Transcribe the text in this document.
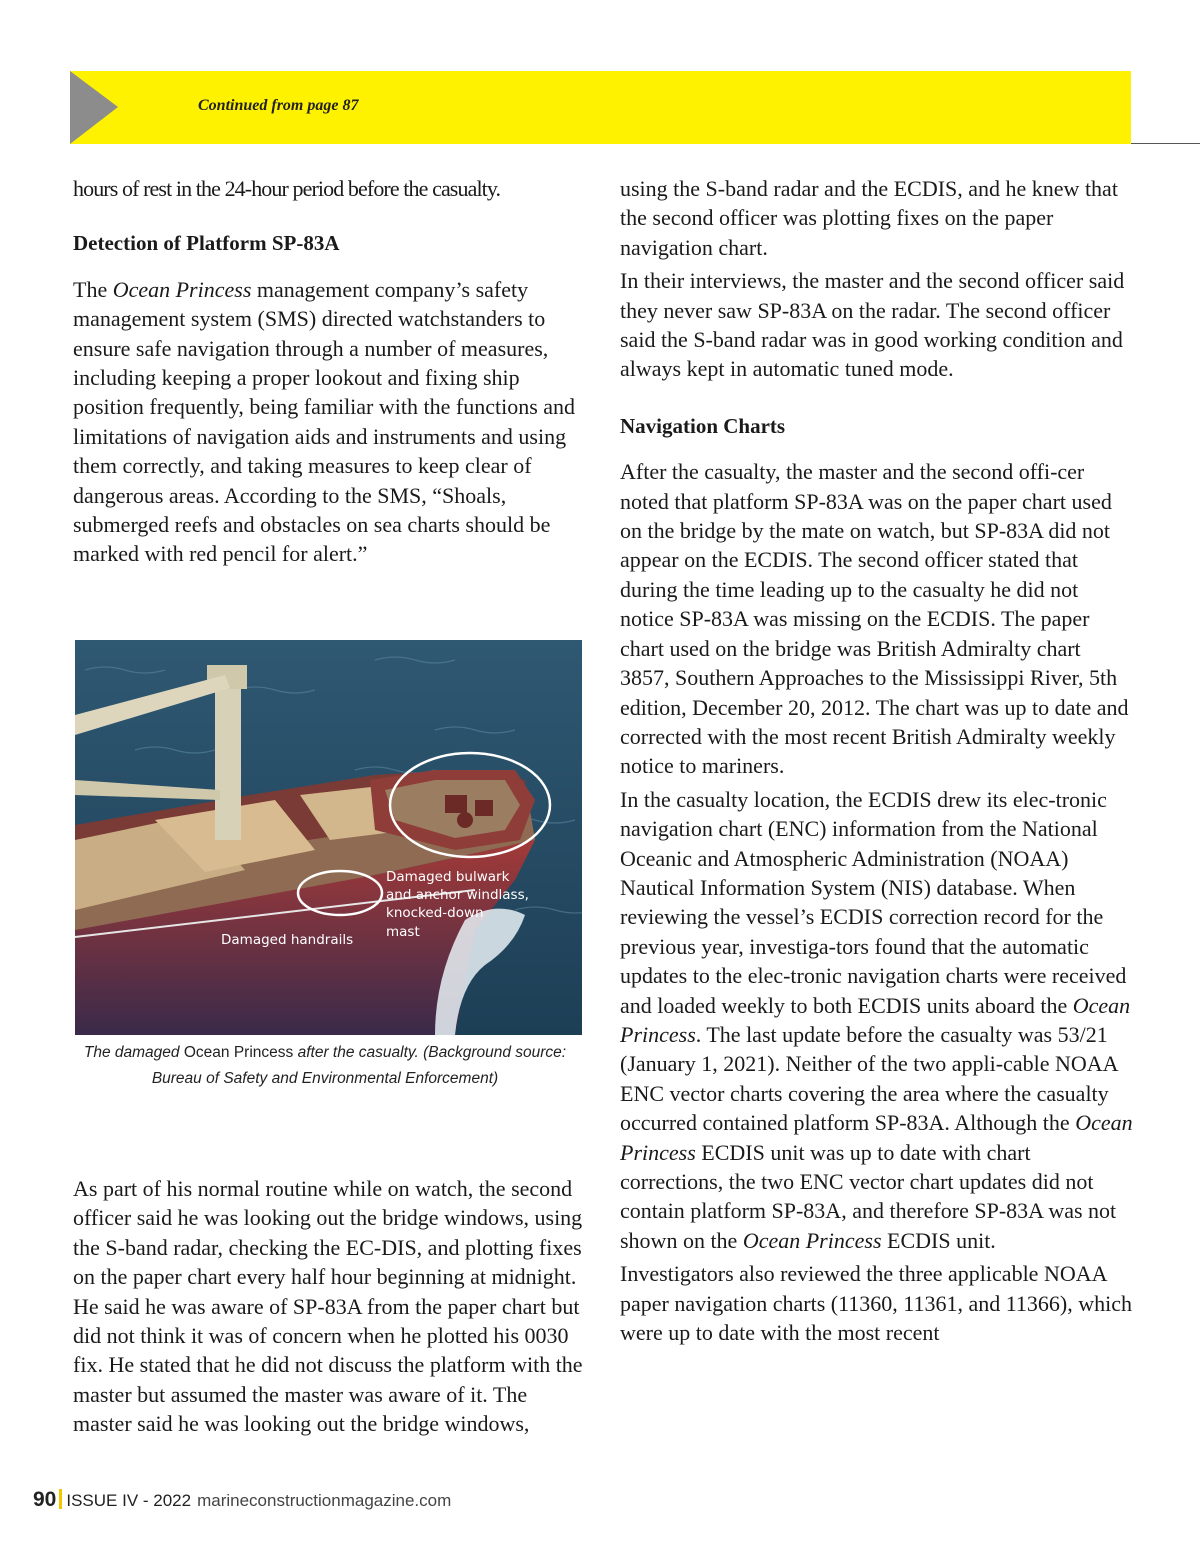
Continued from page 87

hours of rest in the 24-hour period before the casualty.

Detection of Platform SP-83A

The Ocean Princess management company’s safety management system (SMS) directed watchstanders to ensure safe navigation through a number of measures, including keeping a proper lookout and fixing ship position frequently, being familiar with the functions and limitations of navigation aids and instruments and using them correctly, and taking measures to keep clear of dangerous areas. According to the SMS, “Shoals, submerged reefs and obstacles on sea charts should be marked with red pencil for alert.”

Damaged bulwark
and anchor windlass,
knocked-down
mast
Damaged handrails
The damaged Ocean Princess after the casualty. (Background source: Bureau of Safety and Environmental Enforcement)

As part of his normal routine while on watch, the second officer said he was looking out the bridge windows, using the S-band radar, checking the EC-DIS, and plotting fixes on the paper chart every half hour beginning at midnight. He said he was aware of SP-83A from the paper chart but did not think it was of concern when he plotted his 0030 fix. He stated that he did not discuss the platform with the master but assumed the master was aware of it. The master said he was looking out the bridge windows,

using the S-band radar and the ECDIS, and he knew that the second officer was plotting fixes on the paper navigation chart.

In their interviews, the master and the second officer said they never saw SP-83A on the radar. The second officer said the S-band radar was in good working condition and always kept in automatic tuned mode.

Navigation Charts

After the casualty, the master and the second offi-cer noted that platform SP-83A was on the paper chart used on the bridge by the mate on watch, but SP-83A did not appear on the ECDIS. The second officer stated that during the time leading up to the casualty he did not notice SP-83A was missing on the ECDIS. The paper chart used on the bridge was British Admiralty chart 3857, Southern Approaches to the Mississippi River, 5th edition, December 20, 2012. The chart was up to date and corrected with the most recent British Admiralty weekly notice to mariners.

In the casualty location, the ECDIS drew its elec-tronic navigation chart (ENC) information from the National Oceanic and Atmospheric Administration (NOAA) Nautical Information System (NIS) database. When reviewing the vessel’s ECDIS correction record for the previous year, investiga-tors found that the automatic updates to the elec-tronic navigation charts were received and loaded weekly to both ECDIS units aboard the Ocean Princess. The last update before the casualty was 53/21 (January 1, 2021). Neither of the two appli-cable NOAA ENC vector charts covering the area where the casualty occurred contained platform SP-83A. Although the Ocean Princess ECDIS unit was up to date with chart corrections, the two ENC vector chart updates did not contain platform SP-83A, and therefore SP-83A was not shown on the Ocean Princess ECDIS unit.

Investigators also reviewed the three applicable NOAA paper navigation charts (11360, 11361, and 11366), which were up to date with the most recent

90 ISSUE IV - 2022 marineconstructionmagazine.com
